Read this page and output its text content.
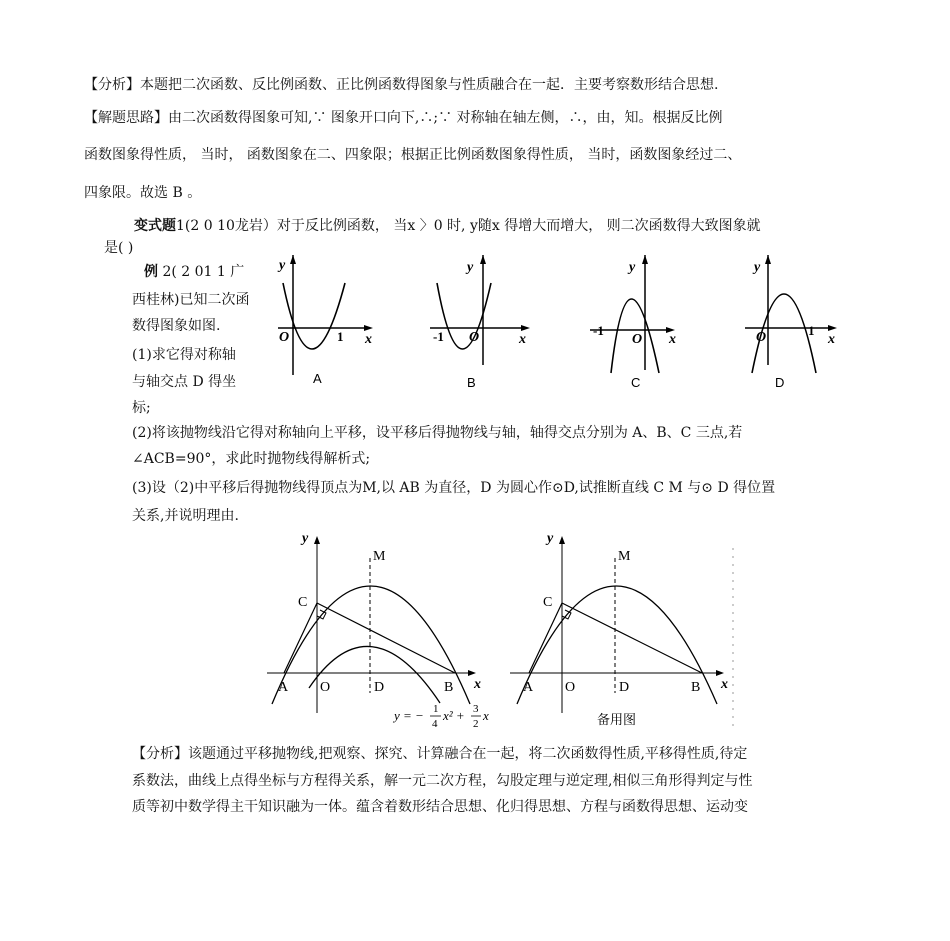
【分析】本题把二次函数、反比例函数、正比例函数得图象与性质融合在一起．主要考察数形结合思想.
【解题思路】由二次函数得图象可知,∵ 图象开口向下,∴;∵ 对称轴在轴左侧，∴，由，知。根据反比例
函数图象得性质， 当时， 函数图象在二、四象限；根据正比例函数图象得性质， 当时，函数图象经过二、
四象限。故选 B 。
变式题1(2 0 10龙岩）对于反比例函数， 当x 〉0 时, y随x 得增大而增大， 则二次函数得大致图象就
是( )
例 2( 2 01 1 广
西桂林)已知二次函
数得图象如图.
(1)求它得对称轴
与轴交点 D 得坐
标;
(2)将该抛物线沿它得对称轴向上平移，设平移后得抛物线与轴，轴得交点分别为 A、B、C 三点,若
∠ACB=90°，求此时抛物线得解析式;
(3)设（2)中平移后得抛物线得顶点为M,以 AB 为直径，D 为圆心作⊙D,试推断直线 C M 与⊙ D 得位置
关系,并说明理由.
y
x
O	1
A
y
x
O
-1
B
y
x
O
-1
C
y
x
O	1
D
y
M
C
A O	D	B x
y = − 1
4
x² + 3
2
x
y
M
C
A O	D	B x
备用图
【分析】该题通过平移抛物线,把观察、探究、计算融合在一起，将二次函数得性质,平移得性质,待定
系数法，曲线上点得坐标与方程得关系，解一元二次方程，勾股定理与逆定理,相似三角形得判定与性
质等初中数学得主干知识融为一体。蕴含着数形结合思想、化归得思想、方程与函数得思想、运动变
